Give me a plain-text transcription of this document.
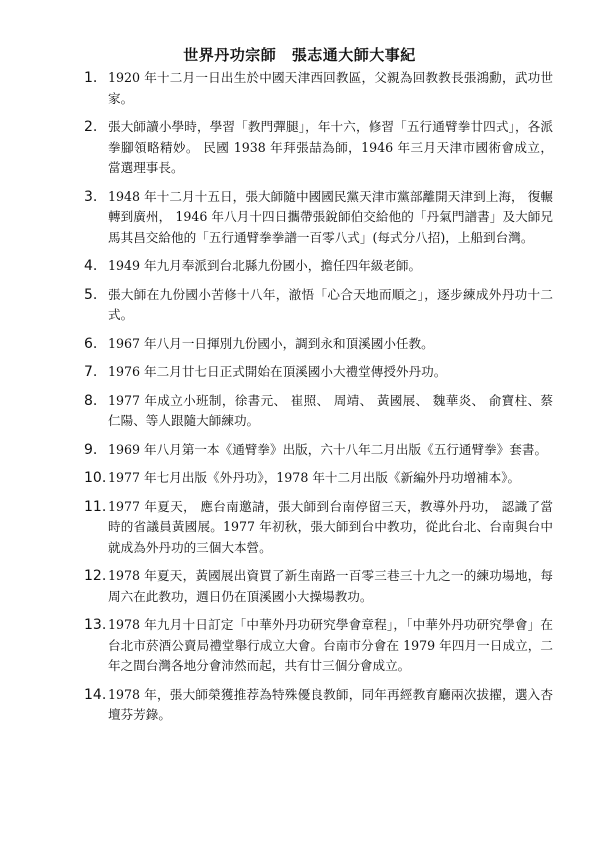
世界丹功宗師　張志通大師大事紀
1. 1920 年十二月一日出生於中國天津西回教區，父親為回教教長張鴻勳，武功世家。
2. 張大師讀小學時，學習「教門彈腿」，年十六，修習「五行通臂拳廿四式」，各派拳腳領略精妙。 民國 1938 年拜張喆為師，1946 年三月天津市國術會成立，當選理事長。
3. 1948 年十二月十五日，張大師隨中國國民黨天津市黨部離開天津到上海， 復輾轉到廣州， 1946 年八月十四日攜帶張銳師伯交給他的「丹氣門譜書」及大師兄馬其昌交給他的「五行通臂拳拳譜一百零八式」(每式分八招)，上船到台灣。
4. 1949 年九月奉派到台北縣九份國小，擔任四年級老師。
5. 張大師在九份國小苦修十八年，澈悟「心合天地而順之」，逐步練成外丹功十二式。
6. 1967 年八月一日揮別九份國小，調到永和頂溪國小任教。
7. 1976 年二月廿七日正式開始在頂溪國小大禮堂傳授外丹功。
8. 1977 年成立小班制，徐書元、 崔照、 周靖、 黃國展、 魏華炎、 俞寶柱、蔡仁陽、等人跟隨大師練功。
9. 1969 年八月第一本《通臂拳》出版，六十八年二月出版《五行通臂拳》套書。
10. 1977 年七月出版《外丹功》，1978 年十二月出版《新編外丹功增補本》。
11. 1977 年夏天， 應台南邀請，張大師到台南停留三天，教導外丹功， 認識了當時的省議員黃國展。1977 年初秋，張大師到台中教功，從此台北、台南與台中就成為外丹功的三個大本營。
12. 1978 年夏天，黃國展出資買了新生南路一百零三巷三十九之一的練功場地，每周六在此教功，週日仍在頂溪國小大操場教功。
13. 1978 年九月十日訂定「中華外丹功研究學會章程」，「中華外丹功研究學會」在台北市菸酒公賣局禮堂舉行成立大會。台南市分會在 1979 年四月一日成立，二年之間台灣各地分會沛然而起，共有廿三個分會成立。
14. 1978 年，張大師榮獲推荐為特殊優良教師，同年再經教育廳兩次拔擢，選入杏壇芬芳錄。
